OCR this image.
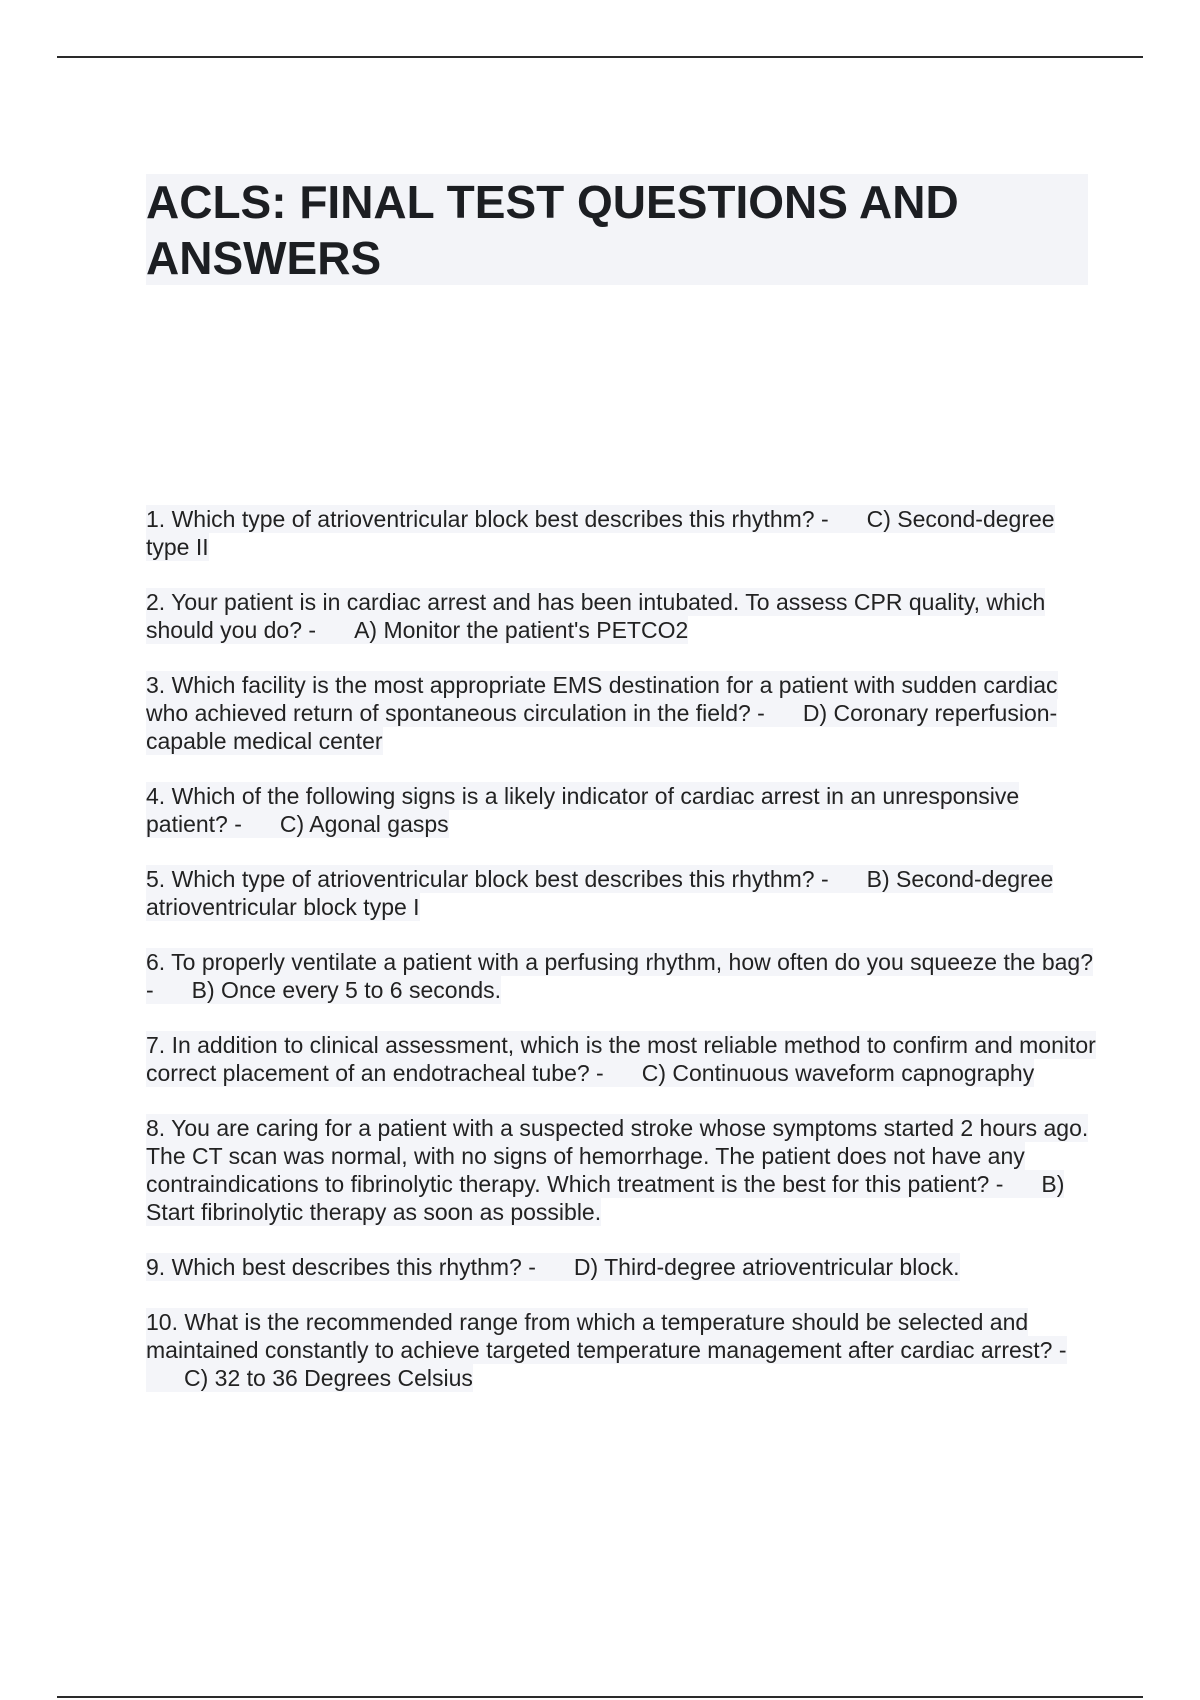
ACLS: FINAL TEST QUESTIONS AND ANSWERS
1. Which type of atrioventricular block best describes this rhythm? - C) Second-degree type II
2. Your patient is in cardiac arrest and has been intubated. To assess CPR quality, which should you do? - A) Monitor the patient's PETCO2
3. Which facility is the most appropriate EMS destination for a patient with sudden cardiac who achieved return of spontaneous circulation in the field? - D) Coronary reperfusion-capable medical center
4. Which of the following signs is a likely indicator of cardiac arrest in an unresponsive patient? - C) Agonal gasps
5. Which type of atrioventricular block best describes this rhythm? - B) Second-degree atrioventricular block type I
6. To properly ventilate a patient with a perfusing rhythm, how often do you squeeze the bag? - B) Once every 5 to 6 seconds.
7. In addition to clinical assessment, which is the most reliable method to confirm and monitor correct placement of an endotracheal tube? - C) Continuous waveform capnography
8. You are caring for a patient with a suspected stroke whose symptoms started 2 hours ago. The CT scan was normal, with no signs of hemorrhage. The patient does not have any contraindications to fibrinolytic therapy. Which treatment is the best for this patient? - B) Start fibrinolytic therapy as soon as possible.
9. Which best describes this rhythm? - D) Third-degree atrioventricular block.
10. What is the recommended range from which a temperature should be selected and maintained constantly to achieve targeted temperature management after cardiac arrest? -C) 32 to 36 Degrees Celsius
